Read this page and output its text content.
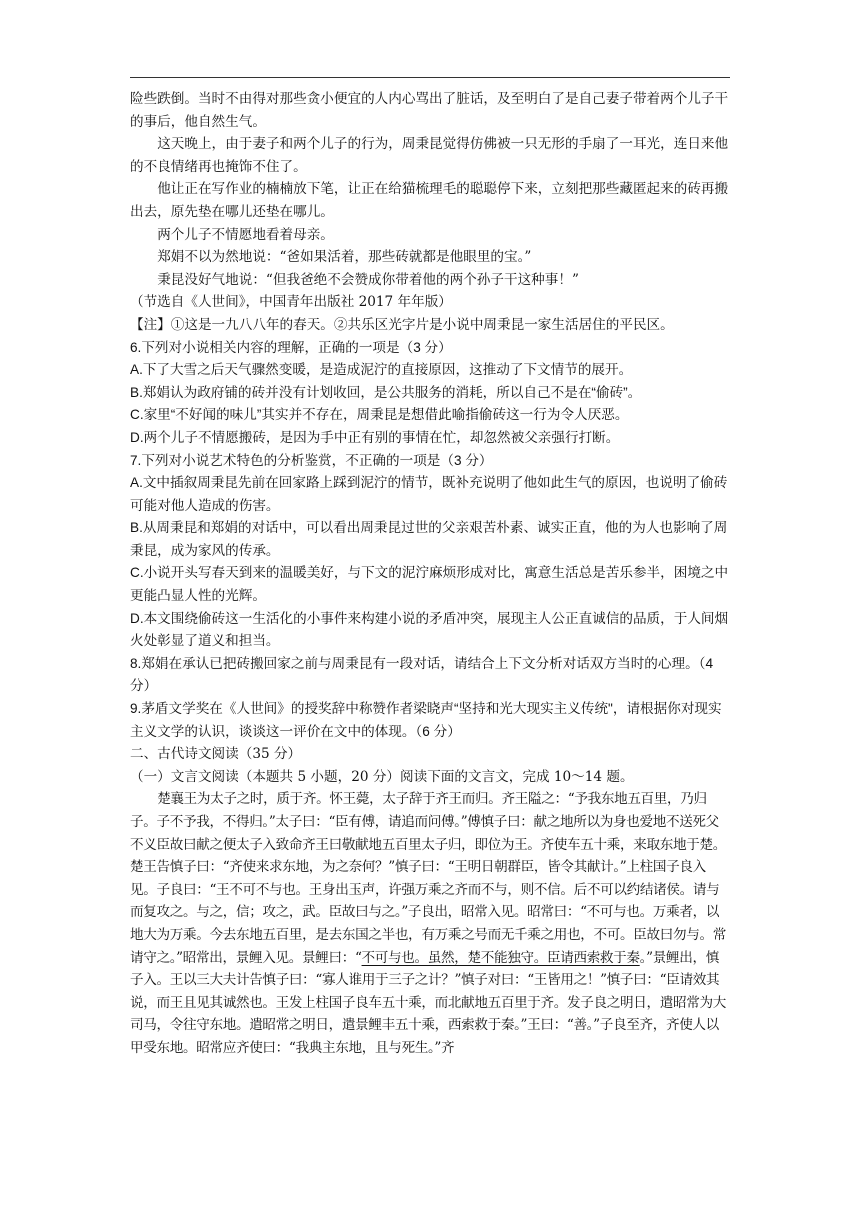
险些跌倒。当时不由得对那些贪小便宜的人内心骂出了脏话，及至明白了是自己妻子带着两个儿子干的事后，他自然生气。

这天晚上，由于妻子和两个儿子的行为，周秉昆觉得仿佛被一只无形的手扇了一耳光，连日来他的不良情绪再也掩饰不住了。

他让正在写作业的楠楠放下笔，让正在给猫梳理毛的聪聪停下来，立刻把那些藏匿起来的砖再搬出去，原先垫在哪儿还垫在哪儿。

两个儿子不情愿地看着母亲。

郑娟不以为然地说：“爸如果活着，那些砖就都是他眼里的宝。”

秉昆没好气地说：“但我爸绝不会赞成你带着他的两个孙子干这种事！”

（节选自《人世间》，中国青年出版社 2017 年年版）

【注】①这是一九八八年的春天。②共乐区光字片是小说中周秉昆一家生活居住的平民区。

6.下列对小说相关内容的理解，正确的一项是（3 分）

A.下了大雪之后天气骤然变暖，是造成泥泞的直接原因，这推动了下文情节的展开。

B.郑娟认为政府铺的砖并没有计划收回，是公共服务的消耗，所以自己不是在“偷砖”。

C.家里“不好闻的味儿”其实并不存在，周秉昆是想借此喻指偷砖这一行为令人厌恶。

D.两个儿子不情愿搬砖，是因为手中正有别的事情在忙，却忽然被父亲强行打断。

7.下列对小说艺术特色的分析鉴赏，不正确的一项是（3 分）

A.文中插叙周秉昆先前在回家路上踩到泥泞的情节，既补充说明了他如此生气的原因，也说明了偷砖可能对他人造成的伤害。

B.从周秉昆和郑娟的对话中，可以看出周秉昆过世的父亲艰苦朴素、诚实正直，他的为人也影响了周秉昆，成为家风的传承。

C.小说开头写春天到来的温暖美好，与下文的泥泞麻烦形成对比，寓意生活总是苦乐参半，困境之中更能凸显人性的光辉。

D.本文围绕偷砖这一生活化的小事件来构建小说的矛盾冲突，展现主人公正直诚信的品质，于人间烟火处彰显了道义和担当。

8.郑娟在承认已把砖搬回家之前与周秉昆有一段对话，请结合上下文分析对话双方当时的心理。（4 分）

9.茅盾文学奖在《人世间》的授奖辞中称赞作者梁晓声“坚持和光大现实主义传统"，请根据你对现实主义文学的认识，谈谈这一评价在文中的体现。（6 分）

二、古代诗文阅读（35 分）

（一）文言文阅读（本题共 5 小题，20 分）阅读下面的文言文，完成 10～14 题。

楚襄王为太子之时，质于齐。怀王薨，太子辞于齐王而归。齐王隘之：“予我东地五百里，乃归子。子不予我，不得归。”太子曰：“臣有傅，请追而问傅。”傅慎子曰：献之地所以为身也爱地不送死父不义臣故曰献之便太子入致命齐王曰敬献地五百里太子归，即位为王。齐使车五十乘，来取东地于楚。楚王告慎子曰：“齐使来求东地，为之奈何？”慎子曰：“王明日朝群臣，皆令其献计。”上柱国子良入见。子良曰：“王不可不与也。王身出玉声，许强万乘之齐而不与，则不信。后不可以约结诸侯。请与而复攻之。与之，信；攻之，武。臣故曰与之。”子良出，昭常入见。昭常曰：“不可与也。万乘者，以地大为万乘。今去东地五百里，是去东国之半也，有万乘之号而无千乘之用也，不可。臣故曰勿与。常请守之。”昭常出，景鲤入见。景鲤曰：“不可与也。虽然，楚不能独守。臣请西索救于秦。”景鲤出，慎子入。王以三大夫计告慎子曰：“寡人谁用于三子之计？”慎子对曰：“王皆用之！”慎子曰：“臣请效其说，而王且见其诚然也。王发上柱国子良车五十乘，而北献地五百里于齐。发子良之明日，遣昭常为大司马，令往守东地。遣昭常之明日，遣景鲤丰五十乘，西索救于秦。”王曰：“善。”子良至齐，齐使人以甲受东地。昭常应齐使曰：“我典主东地，且与死生。”齐
